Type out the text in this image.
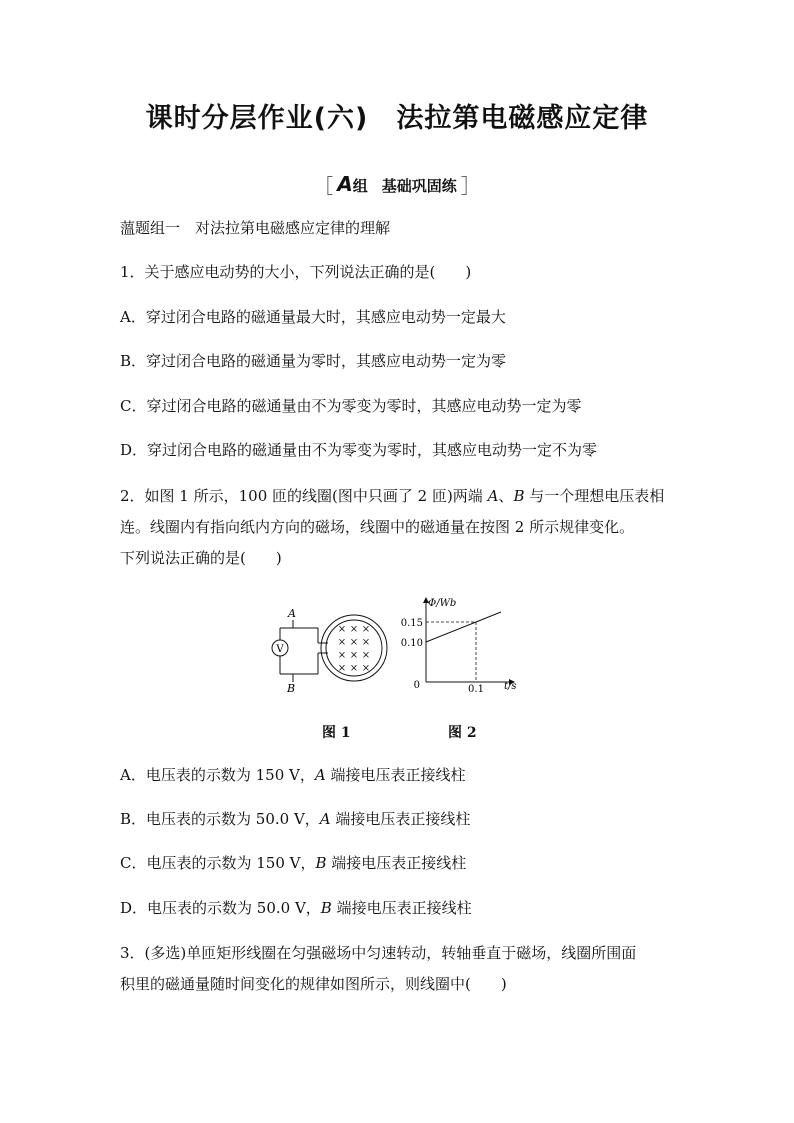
课时分层作业(六)　法拉第电磁感应定律
［ A组 基础巩固练 ］
薀题组一　对法拉第电磁感应定律的理解
1．关于感应电动势的大小，下列说法正确的是(　　)
A．穿过闭合电路的磁通量最大时，其感应电动势一定最大
B．穿过闭合电路的磁通量为零时，其感应电动势一定为零
C．穿过闭合电路的磁通量由不为零变为零时，其感应电动势一定为零
D．穿过闭合电路的磁通量由不为零变为零时，其感应电动势一定不为零
2．如图 1 所示，100 匝的线圈(图中只画了 2 匝)两端 A、B 与一个理想电压表相
连。线圈内有指向纸内方向的磁场，线圈中的磁通量在按图 2 所示规律变化。
下列说法正确的是(　　)
V
A
B
× × ×
× × ×
× × ×
× × ×
Φ/Wb
t/s
0
0.15
0.10
0.1
图 1	图 2
A．电压表的示数为 150 V，A 端接电压表正接线柱
B．电压表的示数为 50.0 V，A 端接电压表正接线柱
C．电压表的示数为 150 V，B 端接电压表正接线柱
D．电压表的示数为 50.0 V，B 端接电压表正接线柱
3．(多选)单匝矩形线圈在匀强磁场中匀速转动，转轴垂直于磁场，线圈所围面
积里的磁通量随时间变化的规律如图所示，则线圈中(　　)
